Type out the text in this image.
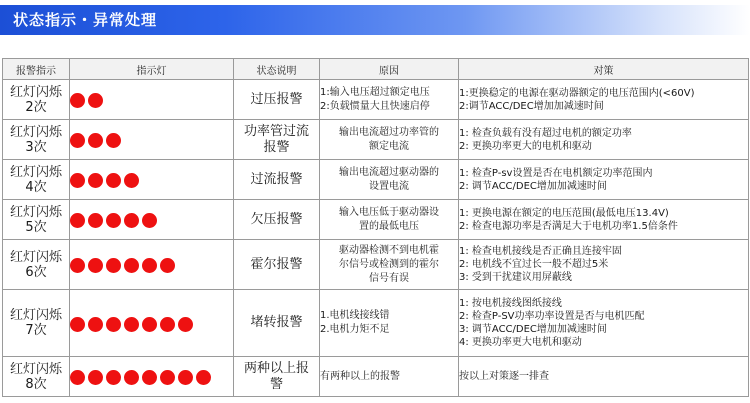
状态指示・异常处理
报警指示	指示灯	状态说明	原因	对策

红灯闪烁
2次		过压报警	1:输入电压超过额定电压
2:负载惯量大且快速启停	1:更换稳定的电源在驱动器额定的电压范围内(<60V)
2:调节ACC/DEC增加加减速时间

红灯闪烁
3次		功率管过流
报警	输出电流超过功率管的
额定电流	1: 检查负载有没有超过电机的额定功率
2: 更换功率更大的电机和驱动

红灯闪烁
4次		过流报警	输出电流超过驱动器的
设置电流	1: 检查P-sv设置是否在电机额定功率范围内
2: 调节ACC/DEC增加加减速时间

红灯闪烁
5次		欠压报警	输入电压低于驱动器设
置的最低电压	1: 更换电源在额定的电压范围(最低电压13.4V)
2: 检查电源功率是否满足大于电机功率1.5倍条件

红灯闪烁
6次		霍尔报警	驱动器检测不到电机霍
尔信号或检测到的霍尔
信号有误	1: 检查电机接线是否正确且连接牢固
2: 电机线不宜过长一般不超过5米
3: 受到干扰建议用屏蔽线

红灯闪烁
7次		堵转报警	1.电机线接线错
2.电机力矩不足	1: 按电机接线图纸接线
2: 检查P-SV功率功率设置是否与电机匹配
3: 调节ACC/DEC增加加减速时间
4: 更换功率更大电机和驱动

红灯闪烁
8次		两种以上报
警	有两种以上的报警	按以上对策逐一排查
